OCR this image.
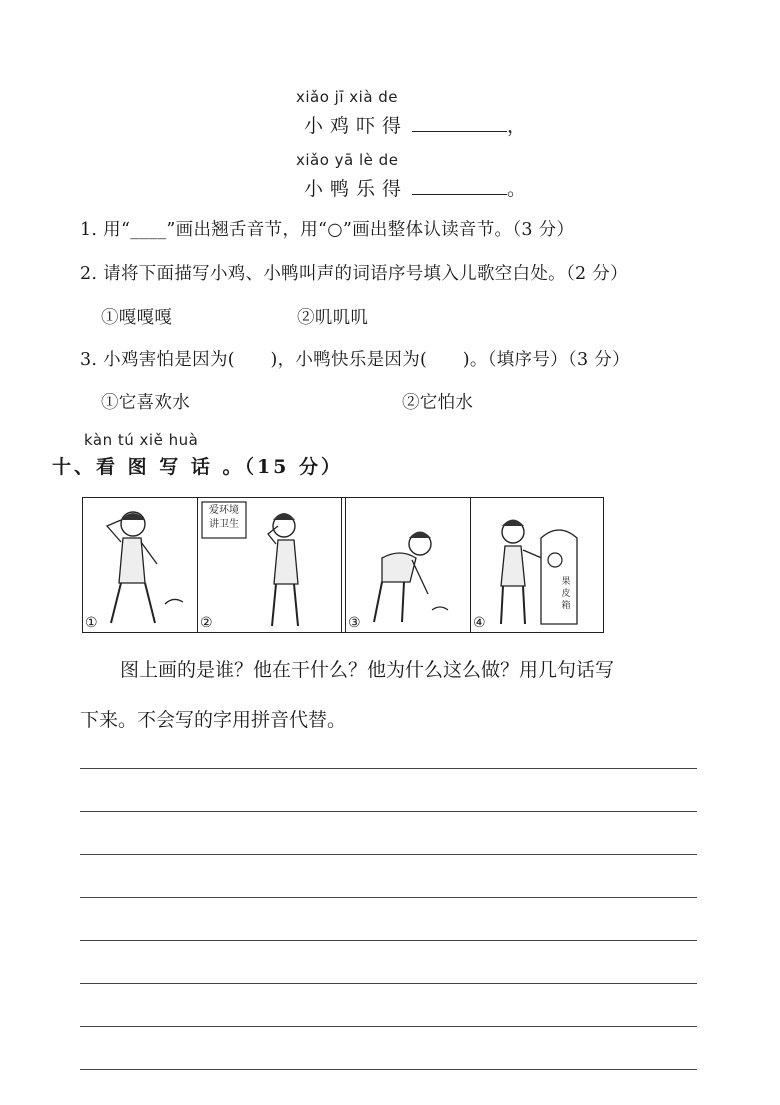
xiǎo jī xià de
小鸡吓得	，
xiǎo yā lè de
小鸭乐得	。
1. 用“____”画出翘舌音节，用“○”画出整体认读音节。（3 分）
2. 请将下面描写小鸡、小鸭叫声的词语序号填入儿歌空白处。（2 分）
①嘎嘎嘎	②叽叽叽
3. 小鸡害怕是因为(　　)，小鸭快乐是因为(　　)。（填序号）（3 分）
①它喜欢水	②它怕水
kàn tú xiě huà
十、看 图 写 话 。（15 分）
①
爱环境 讲卫生
②	③
果皮箱
④
图上画的是谁？他在干什么？他为什么这么做？用几句话写
下来。不会写的字用拼音代替。
